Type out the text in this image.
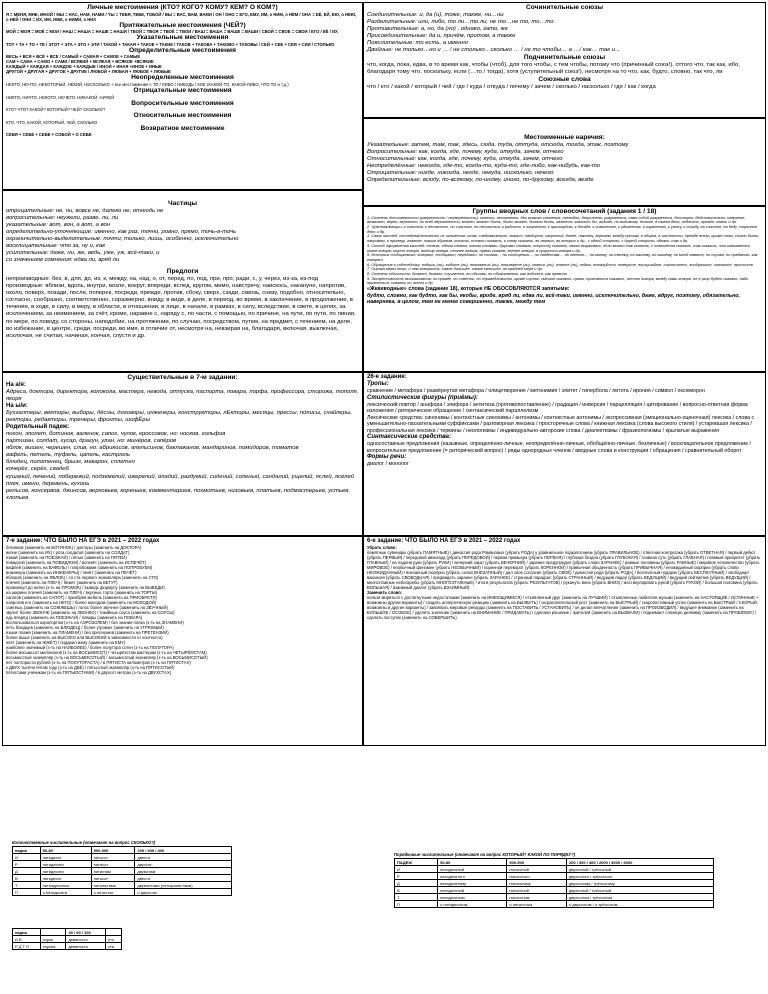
Личные местоимения (КТО? КОГО? КОМУ? КЕМ? О КОМ?)
Я = МЕНЯ, МНЕ, МНОЙ / МЫ = НАС, НАМ, НАМИ / ТЫ = ТЕБЯ, ТЕБЕ, ТОБОЙ / ВЫ = ВАС, ВАМ, ВАМИ / ОН / ОНО = ЕГО, ЕМУ, ИМ, о НИМ, о НЁМ / ОНА = ЕЁ, ЕЙ, ЕЮ, о НЕЮ, о НЕЙ / ОНИ = ИХ, ИМ, ИМИ, о НИМИ, о НИХ
Притяжательные местоимения (ЧЕЙ?)
МОЙ = МОЯ = МОЁ = МОИ / НАШ = НАША = НАШЕ = НАШИ / ТВОЙ = ТВОЯ = ТВОЁ = ТВОИ / ВАШ = ВАША = ВАШЕ = ВАШИ / СВОЙ = СВОЕ = СВОИ / ЕГО / ЕЁ / ИХ
Указательные местоимения
ТОТ + ТА + ТО + ТЕ / ЭТОТ + ЭТА + ЭТО + ЭТИ / ТАКОЙ + ТАКАЯ + ТАКОЕ + ТАКИЕ / ТАКОВ + ТАКОВА + ТАКОВО + ТАКОВЫ / СЕЙ + СЕЕ + СЕЯ + СИИ / СТОЛЬКО
Определительные местоимения
ВЕСЬ + ВСЯ + ВСЁ + ВСЕ / САМЫЙ + САМАЯ + САМОЕ + САМЫЕ
САМ + САМА + САМО + САМИ / ВСЯКИЙ + ВСЯКАЯ + ВСЯКОЕ +ВСЯКИЕ
КАЖДЫЙ + КАЖДАЯ + КАЖДОЕ + КАЖДЫЕ / ИНОЙ + ИНАЯ +ИНОЕ + ИНЫЕ
ДРУГОЙ + ДРУГАЯ + ДРУГОЕ + ДРУГИЕ / ЛЮБОЙ + ЛЮБАЯ + ЛЮБОЕ + ЛЮБЫЕ
Неопределенные местоимения
НЕКТО, НЕЧТО, НЕКОТОРЫЙ, НЕКИЙ, НЕСКОЛЬКО + все местоимения с ТО / ЛИБО / НИБУДЬ / КОЕ (КАКОЙ-ТО, КАКОЙ-ЛИБО, ЧТО-ТО и т.д.)
Отрицательные местоимения
НИКТО, НИЧТО, НЕКОГО, НЕЧЕГО, НИКАКОЙ, НИЧЕЙ
Вопросительные местоимения
КТО? ЧТО? КАКОЙ? КОТОРЫЙ? ЧЕЙ? СКОЛЬКО?
Относительные местоимения
КТО, ЧТО, КАКОЙ, КОТОРЫЙ, ЧЕЙ, СКОЛЬКО
Возвратное местоимение
СЕБЯ + СЕБЕ + СЕБЕ + СОБОЙ + О СЕБЕ
Сочинительные союзы
Соединительные: и, да (и), тоже, также, ни…ни
Разделительные: или, либо, то ли…то ли, не то…не то, то…то
Противительные: а, но, да (но) , однако, зато, же
Присоединительные: да и, причём, притом, а также
Пояснительные: то есть, а именно
Двойные: не только…но и … / не столько…сколько … / не то чтобы… а …/ как… так и…
Подчинительные союзы
что, когда, пока, едва, в то время как, чтобы (чтоб), для того чтобы, с тем чтобы, потому что (причинный союз!), оттого что, так как, ибо, благодаря тому что, поскольку, если (…то / тогда), хотя (уступительный союз!), несмотря на то что, как, будто, словно, так что, ли
Союзные слова
что / кто / какой / который / чей / где / куда / откуда / почему / зачем / сколько / насколько / где / как / когда
Местоименные наречия:
Указательные: затем, там, так, здесь, сюда, туда, оттуда, отсюда, тогда, этак, поэтому
Вопросительные: как, когда, где, почему, куда, откуда, зачем, отчего
Относительные: как, когда, где, почему, куда, откуда, зачем, отчего
Неопределённые: некогда, где-то, когда-то, куда-то, где-либо, как-нибудь, как-то
Отрицательные: нигде, никогда, негде, некуда, нисколько, нечего
Определительные: всюду, по-всякому, по-иному, иного, по-другому, всегда, везде
Частицы
отрицательные: не, ни, вовсе не, далеко не, отнюдь не
вопросительные: неужели, разве, ли, ли
указательные: вот, вон, а вот, а вон
определительно-уточняющие: именно, как раз, точно, ровно, прямо, точь-в-точь
ограничительно-выделительные: почти, только, лишь, особенно, исключительно
восклицательные: что за, ну и, как
усилительные: даже, ни, же, ведь, уже, уж, всё-таки, и
со значением сомнения: едва ли, вряд ли
Предлоги
непроизводные: без, в, для, до, из, к, между, на, над, о, от, перед, по, под, при, про, ради, с, у, через, из-за, из-под
производные: вблизи, вдоль, внутри, возле, вокруг, впереди, вслед, кругом, мимо, навстречу, наискось, накануне, напротив, около, поверх, позади, после, поперек, посреди, прежде, против, сбоку, сверх, сзади, сквозь, снизу, подобно, относительно, согласно, сообразно, соответственно, соразмерно, вниду, в виде, в деле, в период, во время, в заключение, в продолжение, в течение, в ходе, в силу, в меру, в области, в отношении, в лице, в начале, в рамках, в силу, вследствие, в свете, в целях, за исключением, за неимением, за счёт, кроме, наравне с, наряду с, по части, с помощью, по причине, на пути, по пути, по линии, по мере, по поводу, со стороны, наподобие, на протяжении, по случаю, посредством, путем, на предмет, с течением, на деле, во избежание, в центре, среди, посреди, во имя, в отличие от, несмотря на, невзирая на, благодаря, включая, выключая, исключая, не считая, начиная, кончая, спустя и др.
Группы вводных слов / словосочетаний (задания 1 / 18)
1. Степень достоверности (уверенность / неуверенность): конечно, несомненно, без всякого сомнения, очевидно, безусловно, разумеется, само собой разумеется, бесспорно, действительно, наверное, возможно, верно, вероятно, по всей вероятности, может, может быть, быть может, должно быть, кажется, казалось бы, видимо, по-видимому, похоже, в самом деле, подлинно, правда, знать и др.
2. Чувства/эмоции: к счастью, к несчастью, по счастью, по несчастью, к радости, к огорчению, к прискорбию, к досаде, к сожалению, к удивлению, к изумлению, к ужасу, к стыду, на счастье, на беду, странное дело и др.
3. Связь мыслей, последовательность их изложения: итак, следовательно, значит, наоборот, напротив, далее, наконец, впрочем, между прочим, в общем, в частности, прежде всего, кроме того, стало быть, например, к примеру, главное, таким образом, кстати, кстати сказать, к слову сказать, во-первых, во-вторых и др., с одной стороны, с другой стороны, однако, так и др.
4. Способ оформления мыслей: словом, одним словом, иными словами, другими словами, попросту сказать, мягко выражаясь, если можно так сказать, с позволения сказать, так сказать, что называется, иначе говоря, короче говоря, вообще говоря, точнее говоря, прямо скажем, вернее говоря, в сущности говоря и др.
5. Источник сообщаемого: говорят, сообщают, передают, по словам..., по сообщению..., по сведениям..., по мнению..., по-моему, по-твоему, по-нашему, по-вашему, по моей памяти, по слухам, по преданию, как говорят
6. Обращение к собеседнику: видишь (ли), видите (ли), понимаешь (ли), понимаете (ли), знаешь (ли), знаете (ли), пойми, пожалуйста, поверьте, послушайте, согласитесь, вообразите, извините, простите
7. Оценка меры того, о чем говорится: самое большее, самое меньшее, по крайней мере и др.
8. Степень обычности: бывает, бывало, случается, по обычаю, по обыкновению, как водится, как правило
9. Экспрессивность высказывания: по правде, по совести, по справедливости, кроме шуток, смешно сказать, право, признаться сказать, честно говоря, между нами говоря, не в укор будет сказано, надо признаться, сказать по чести и др.
«Жквеводные» слова (задание 18), которые НЕ ОБОСОБЛЯЮТСЯ запятыми:
будто, словно, как будто, как бы, якобы, вроде, вряд ли, едва ли, всё-таки, именно, исключительно, даже, вдруг, поэтому, обязательно, наверняка, в целом, тем не менее совершенно, также, между тем
Существительные в 7-м задании:
На а/я:
Адреса, доктора, директора, колокола, мастера, невода, отпуска, паспорта, повара, порфа, профессора, сторожа, тополя, якоря
На ы/и:
Бухгалтеры, векторы, выборы, дёсны, договоры, инженеры, конструкторы, лЕкторы, месяцы, прессы, полисы, снайперы, ректоры, редакторы, тренеры, фронты, шофЁры
Родительный падеж:
погон, эполет, ботинок, валенок, сапог, чулок, кроссовок, но: носков, гольфов
партизан, солдат, гусар, драгун, улан, но: минёров, сапёров
яблок, вишен, черешен, слив, но: абрикосов, апельсинов, баклажанов, мандаринов, помидоров, томатов
вафель, петель, туфель, цапель, кастрюль
блюдец, полотенец, брызг, макарон, сплетен
кочерёг, серёг, свадеб
кушаний, печений, побережий, подземелий, ожерелий, оладий, раздумий, сидений, соленый, сандалий, ущелий, яслей, яселей
плеч, имени, деревень, кухонь
рельсов, консервов, джинсов, верховьев, кореньев, комментариев, похмотьев, низовьев, платьев, подмастерьев, устьев, хлопьев
26-е задание:
Тропы:
сравнение / метафора / развёрнутая метафора / олицетворение / метонимия / эпитет / гипербола / литота / ирония / символ / оксюморон
Стилистические фигуры (приёмы):
лексический повтор / анафора / эпифора / антитеза (противопоставление) / градация / инверсия / парцелляция / цитирование / вопросно-ответная форма изложения / риторическое обращение / синтаксический параллелизм
Лексические средства: синонимы / контекстные синонимы / антонимы / контекстные антонимы / экспрессивная (эмоционально-оценочная) лексика / слова с уменьшительно-ласкательными суффиксами / разговорная лексика / просторечные слова / книжная лексика (слова высокого стиля) / устаревшая лексика / профессиональная лексика / термины / неологизмы / индивидуально-авторские слова / диалектизмы / фразеологизмы / крылатые выражения
Синтаксические средства:
односоставные предложения (назывные, определённо-личные, неопределённо-личные, обобщённо-личные, безличные) / восклицательное предложение / вопросительное предложение (= риторический вопрос) / ряды однородных членов / вводные слова и конструкции / обращения / сравнительный оборот
Формы речи:
диалог / монолог
7-е задание: ЧТО БЫЛО НА ЕГЭ в 2021 – 2022 годах
ботинков (заменить на БОТИНОК) / докторы (заменить на ДОКТОРА)
иконе (заменить на ИХ) / рота солдатов (заменить на СОЛДАТ)
езжай (заменить на ПОЕЗЖАЙ) / пятью (заменить на ПЯТЕЙ)
повидлой (заменить на ПОВИДЛОМ) / испекёт (заменить на ИСПЕЧЁТ)
вафлей (заменить на ВАФЕЛЬ) / попробовами (заменить на ПОПРОБУЕМ)
инжинера (заменить на ИНЖЕНЕРЫ) / пекёт (заменить на ПЕЧЁТ)
яблоков (заменить на ЯБЛОК) / со ста первого экземпляра (заменить на СТО)
плечей (заменить на ПЛЕЧ) / бежит (заменить на БЕГУТ)
промокнул до нитки (з-ть на ПРОМОК) / выведь формулу (заменить на ВЫВЕДИ)
на ширине плечей (заменить на ПЛЕЧ) / вкусные торта (заменить на ТОРТЫ)
сапогов (заменить на САПОГ) / приобрёв мебель (заменить на ПРИОБРЕТЯ)
напротив его (заменить на НЕГО) / более молодом (заменить на МОЛОДОЙ)
сожгёшь (заменить на СОЖЖЕШЬ) / голос более звучнее (заменить на ЗВУЧНЫЙ)
звучит более ЗВОНЧЕ (заменить на ЗВОНКО) / токийные соуса (заменить на СОУСЫ)
едь вперёд (заменить на ПОЕЗЖАЙ) / повары (заменить на ПОВАРА)
воспользоваться аэропортом (з-ть на АЭРОЗОЛЕМ) / без знания полка (з-ть на ЗНАМЕНИ)
пять блюдцев (заменить на БЛЮДЕЦ) / более угромее (заменить на УГРЮМЫЙ)
языки пламя (заменить на ПЛАМЕНИ) / без претензиев (заменить на ПРЕТЕНЗИЙ)
более выше (заменить на ВЫСОКО или ВЫСОКИЙ в зависимости от контекста)
жгёт (заменить на ЖЖЁТ) / подарил ихму (заменить на ЕМУ)
наиболее значимый (з-ть на НАИБОЛЕЕ) / более полутора сотен (з-ть на ПОЛУТОРА)
более восьмьсот миллионов (з-ть на ВОСЬМИСОТ) / четырёхстам мастерам (з-ть на ЧЕТЫРЁМСТАМ)
восьмисотый экземпляр (з-ть на ВОСЬМИСОТЫЙ) / восьмисотый экземпляр (з-ть на ВОСЬМИСОТЫЙ)
нет полтораста рублей (з-ть на ПОЛУТОРАСТА) / в ПЯТИСТА километрах (з-ть на ПЯТИСТАХ)
к ДВУХ тысячи пятом году (з-ть на ДВЕ) / пятьсотый экземпляр (з-ть на ПЯТИСОТЫЙ)
пятистами ученикам (з-ть на ПЯТЬЮСТАМИ) / в двухсот метрах (з-ть на ДВУХСТАХ)
6-е задание: ЧТО БЫЛО НА ЕГЭ в 2021 – 2022 годах
Убрать слово:
памятные сувениры (убрать ПАМЯТНЫЕ) / династия рода Романовых (убрать РОДА) у уравнильное подкапоснием (убрать ПРАВИЛЬНОЕ) / ответная контратака (убрать ОТВЕТНАЯ) / первый дебют (убрать ПЕРВЫЙ) / передовой авангард (убрать ПЕРЕДОВОЙ) / первая премьера (убрать ПЕРВАЯ) / глубокая бездна (убрать ГЛУБОКАЯ) / главная суть (убрать ГЛАВНАЯ) / главный приоритет (убрать ГЛАВНЫЙ) / на ладони руки (убрать РУКИ) / вечерний закат (убрать ВЕЧЕРНИЙ) / заранее предупредил (убрать слово ЗАРАНЕЕ) / равные половины (убрать РАВНЫЕ) / мировое человечество (убрать МИРОВОЕ) / необычный феномен (убрать НЕОБЫЧНЫЙ) / коренной переворот (убрать КОРЕННОЙ) / привычная обыденность (убрать ПРИВЫЧНАЯ) / неожиданный сюрприз (убрать слово НЕОЖИДАННЫЙ) / внезапный сюрприз (убрать слово ВНЕЗАПНЫЙ) / дал свое согласие (убрать СВОЁ) / династия рода (убрать РОДА) / бесплатный подарок (убрать БЕСПЛАТНЫЙ) / свободная вакансия (убрать СВОБОДНАЯ) / предвидеть заранее (убрать ЗАРАНЕЕ) / странный парадокс (убрать СТРАННЫЙ) / ведущий лидер (убрать ВЕДУЩИЙ) / ведущий лейтмотив (убрать ВЕДУЩИЙ) / многоэтажные небоскребы (убрать МНОГОЭТАЖНЫЕ) / итоги результатов (убрать РЕЗУЛЬТАТОВ) / рукануть вниз (убрать ВНИЗ) / жестикулировать рукой (убрать РУКОЙ) / большая половина (убрать БОЛЬШАЯ) / взаимный диалог (убрать ВЗАИМНЫЙ)
Заменить слово:
нельзя мириться с достигнутыми недостатками (заменить на ИМЕЮЩИМИСЯ) / отъявленный друг (заменить на ЛУЧШИЙ) / отъявленные любители музыки (заменить на НАСТОЯЩИЕ / ИСТИННЫЕ + возможны другие варианты) / создать аллергическую реакцию (заменить на ВЫЗВАТЬ) / скоропалительный рост (заменить на БЫСТРЫЙ) / скоропостижный успех (заменить на БЫСТРЫЙ / СКОРЫЙ, возможны и другие варианты) / завоевать мировые рекорды (заменить на ПОСТАВИТЬ / УСТАНОВИТЬ) / он делал впечатление (заменить на ПРОИЗВОДИЛ) / ведущее внимание (заменить на БОЛЬШОЕ / ОСОБОЕ) / уделять значение (заменить на ВНИМАНИЕ / ПРИДАВАТЬ) / сделали решение / зрителей (заменить на ВЫЗВАЛИ) / поднимает сложную дилемму (заменить на ПРОБЛЕМУ) / сделать поступок (заменить на СОВЕРШИТЬ)
Количественные числительные (отвечают на вопрос СКОЛЬКО?)
падеж	50-80	500-900	200 / 300 / 400
И	пятьдесят	пятьсот	двести
Р	пятидесяти	пятисот	двухсот
Д	пятидесяти	пятистам	двумстам
В	пятьдесят	пятьсот	двести
Т	пятьюдесятью	пятьюстами	двумястами (четырьмястами)
П	о пятидесяти	о пятистах	о двухстах
падеж		40 / 90 / 100	
И В	сорок	девяносто	сто
Р Д Т П	сорока	девяноста	ста
Порядковые числительные (отвечают на вопрос КОТОРЫЙ? КАКОЙ ПО ПОРЯДКУ?)
ПАДЕЖ	50-80	500-900	200 / 300 / 400 / 2000 / 3000 / 4000
И	пятидесятый	пятисотый	двухсотый / трёхсотый
Р	пятидесятого	пятисотого	двухсотого / трёхсотого
Д	пятидесятому	пятисотому	двухсотому / трёхсотому
В	пятидесятый	пятисотый	двухсотый / трёхсотый
Т	пятидесятым	пятисотым	двухсотым / трёхсотым
П	о пятидесятом	о пятисотом	о двухсотом / о трёхсотом
